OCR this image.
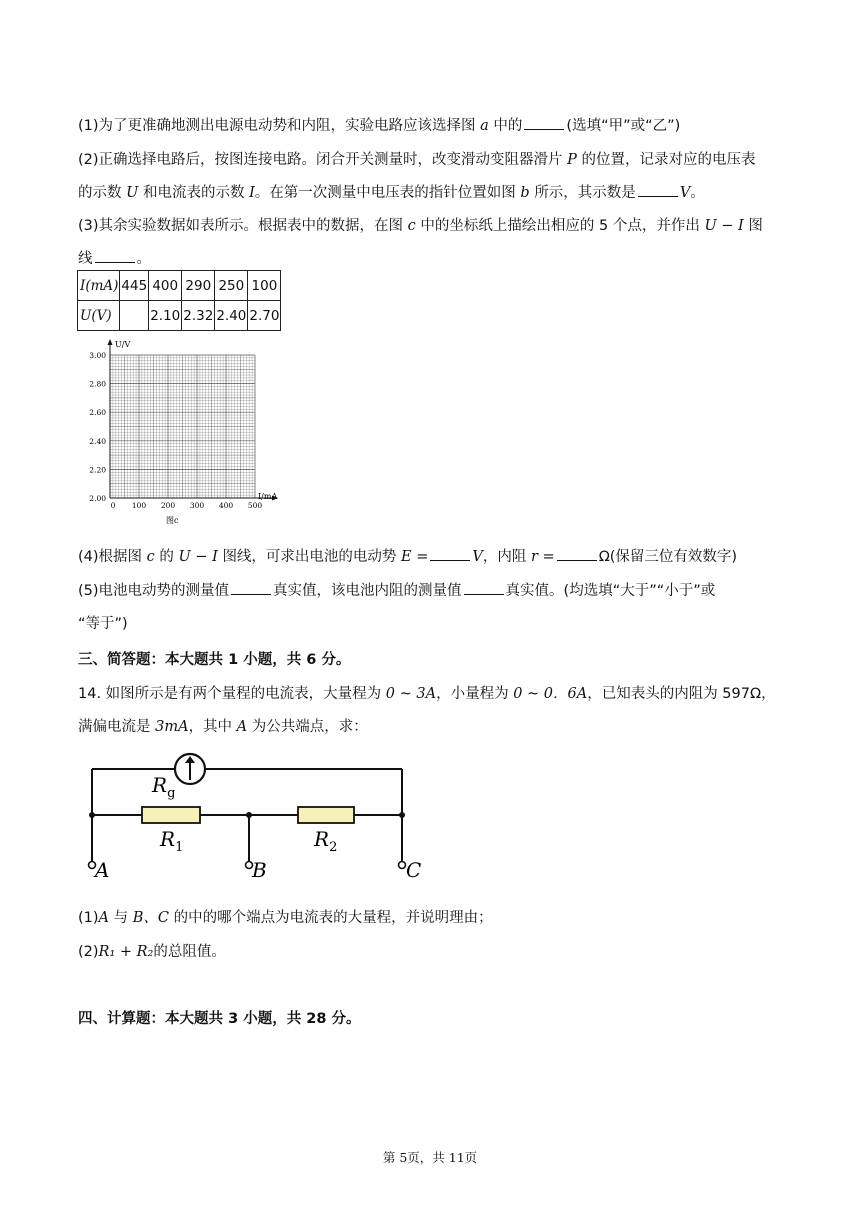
(1)为了更准确地测出电源电动势和内阻，实验电路应该选择图 a 中的	(选填“甲”或“乙”)
(2)正确选择电路后，按图连接电路。闭合开关测量时，改变滑动变阻器滑片 P 的位置，记录对应的电压表
的示数 U 和电流表的示数 I。在第一次测量中电压表的指针位置如图 b 所示，其示数是	V。
(3)其余实验数据如表所示。根据表中的数据，在图 c 中的坐标纸上描绘出相应的 5 个点，并作出 U − I 图
线	。
I(mA)	445	400	290	250	100
U(V)		2.10	2.32	2.40	2.70
2.00
2.20
2.40
2.60
2.80
3.00
0 100 200 300 400 500
U/V
I/mA
图c
(4)根据图 c 的 U − I 图线，可求出电池的电动势 E =	V，内阻 r =	Ω(保留三位有效数字)
(5)电池电动势的测量值	真实值，该电池内阻的测量值	真实值。(均选填“大于”“小于”或
“等于”)
三、简答题：本大题共 1 小题，共 6 分。
14. 如图所示是有两个量程的电流表，大量程为 0 ~ 3A，小量程为 0 ~ 0．6A，已知表头的内阻为 597Ω，
满偏电流是 3mA，其中 A 为公共端点，求：
$R_g$
$R_1$	$R_2$
A	B	C
(1)A 与 B、C 的中的哪个端点为电流表的大量程，并说明理由；
(2)R₁ + R₂的总阻值。
四、计算题：本大题共 3 小题，共 28 分。
第 5页，共 11页
